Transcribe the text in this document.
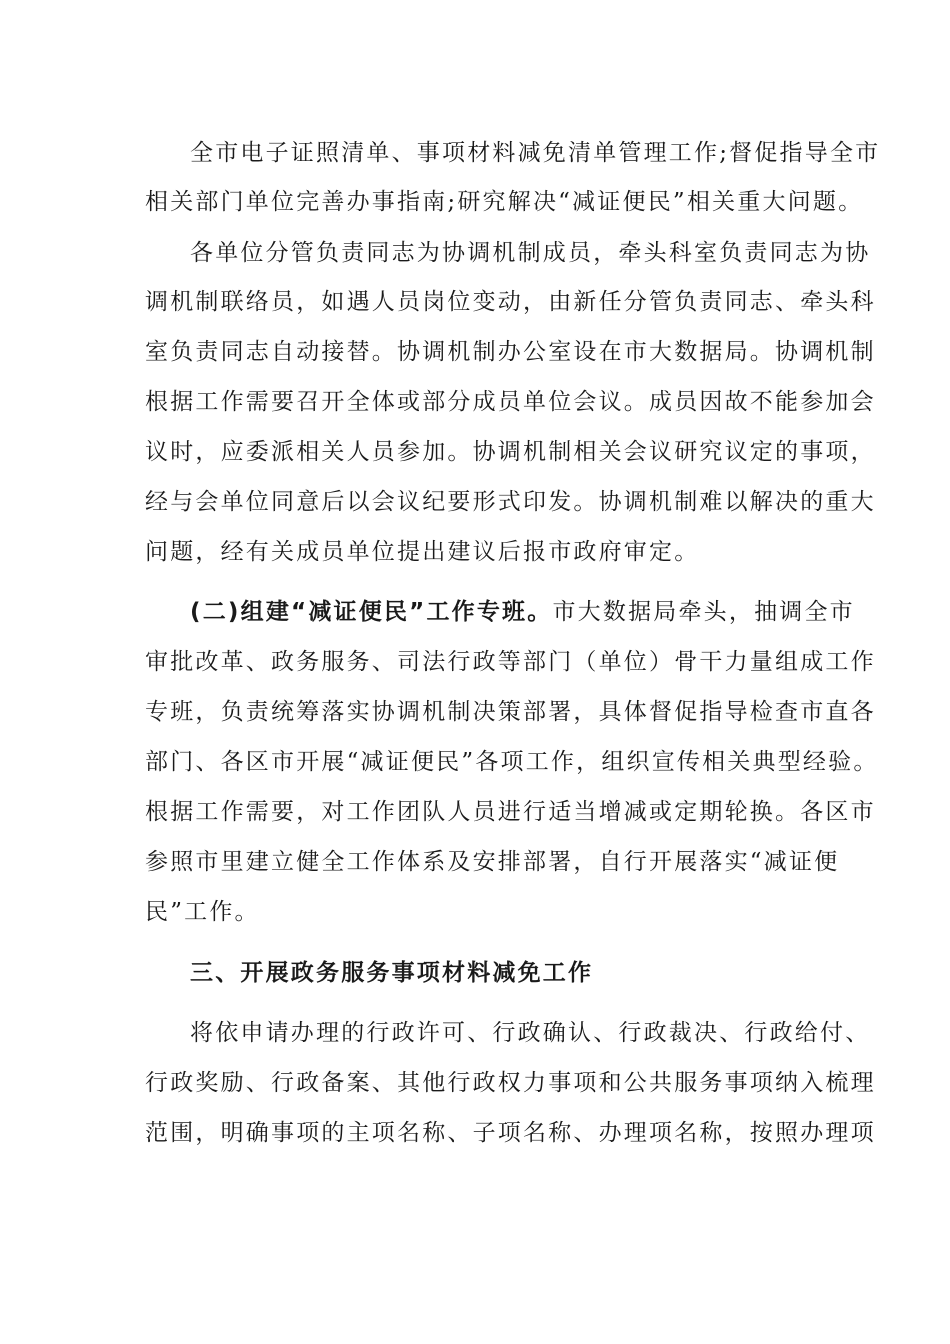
全市电子证照清单、事项材料减免清单管理工作;督促指导全市
相关部门单位完善办事指南;研究解决“减证便民”相关重大问题。
各单位分管负责同志为协调机制成员，牵头科室负责同志为协
调机制联络员，如遇人员岗位变动，由新任分管负责同志、牵头科
室负责同志自动接替。协调机制办公室设在市大数据局。协调机制
根据工作需要召开全体或部分成员单位会议。成员因故不能参加会
议时，应委派相关人员参加。协调机制相关会议研究议定的事项，
经与会单位同意后以会议纪要形式印发。协调机制难以解决的重大
问题，经有关成员单位提出建议后报市政府审定。
(二)组建“减证便民”工作专班。市大数据局牵头，抽调全市
审批改革、政务服务、司法行政等部门（单位）骨干力量组成工作
专班，负责统筹落实协调机制决策部署，具体督促指导检查市直各
部门、各区市开展“减证便民”各项工作，组织宣传相关典型经验。
根据工作需要，对工作团队人员进行适当增减或定期轮换。各区市
参照市里建立健全工作体系及安排部署，自行开展落实“减证便
民”工作。
三、开展政务服务事项材料减免工作
将依申请办理的行政许可、行政确认、行政裁决、行政给付、
行政奖励、行政备案、其他行政权力事项和公共服务事项纳入梳理
范围，明确事项的主项名称、子项名称、办理项名称，按照办理项
